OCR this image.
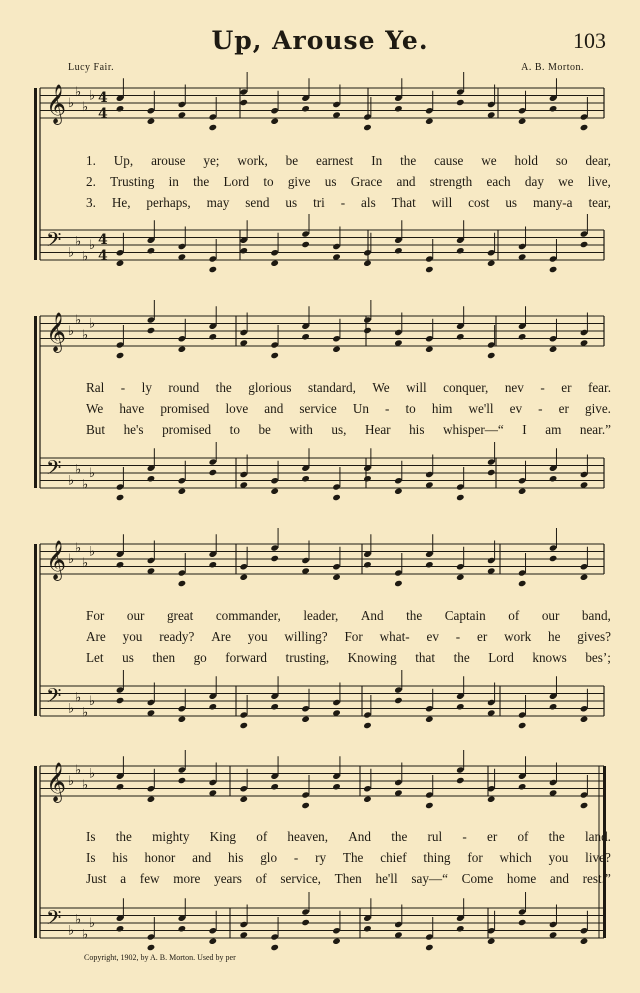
Up, Arouse Ye.	103
Lucy Fair.	A. B. Morton.
𝄞 ♭
♭
♭
♭ 4
4
𝄢 ♭
♭
♭
♭ 4
4
1. Up, arouse ye; work, be earnest In the cause we hold so dear,
2. Trusting in the Lord to give us Grace and strength each day we live,
3. He, perhaps, may send us tri - als That will cost us many-a tear,
𝄞 ♭
♭
♭
♭
𝄢 ♭
♭
♭
♭
Ral - ly round the glorious standard, We will conquer, nev - er fear.
We have promised love and service Un - to him we'll ev - er give.
But he's promised to be with us, Hear his whisper—“ I am near.”
𝄞 ♭
♭
♭
♭
𝄢 ♭
♭
♭
♭
For our great commander, leader, And the Captain of our band,
Are you ready? Are you willing? For what- ev - er work he gives?
Let us then go forward trusting, Knowing that the Lord knows bes’;
𝄞 ♭
♭
♭
♭
𝄢 ♭
♭
♭
♭
Is the mighty King of heaven, And the rul - er of the land.
Is his honor and his glo - ry The chief thing for which you live?
Just a few more years of service, Then he'll say—“ Come home and rest.”
Copyright, 1902, by A. B. Morton. Used by per
